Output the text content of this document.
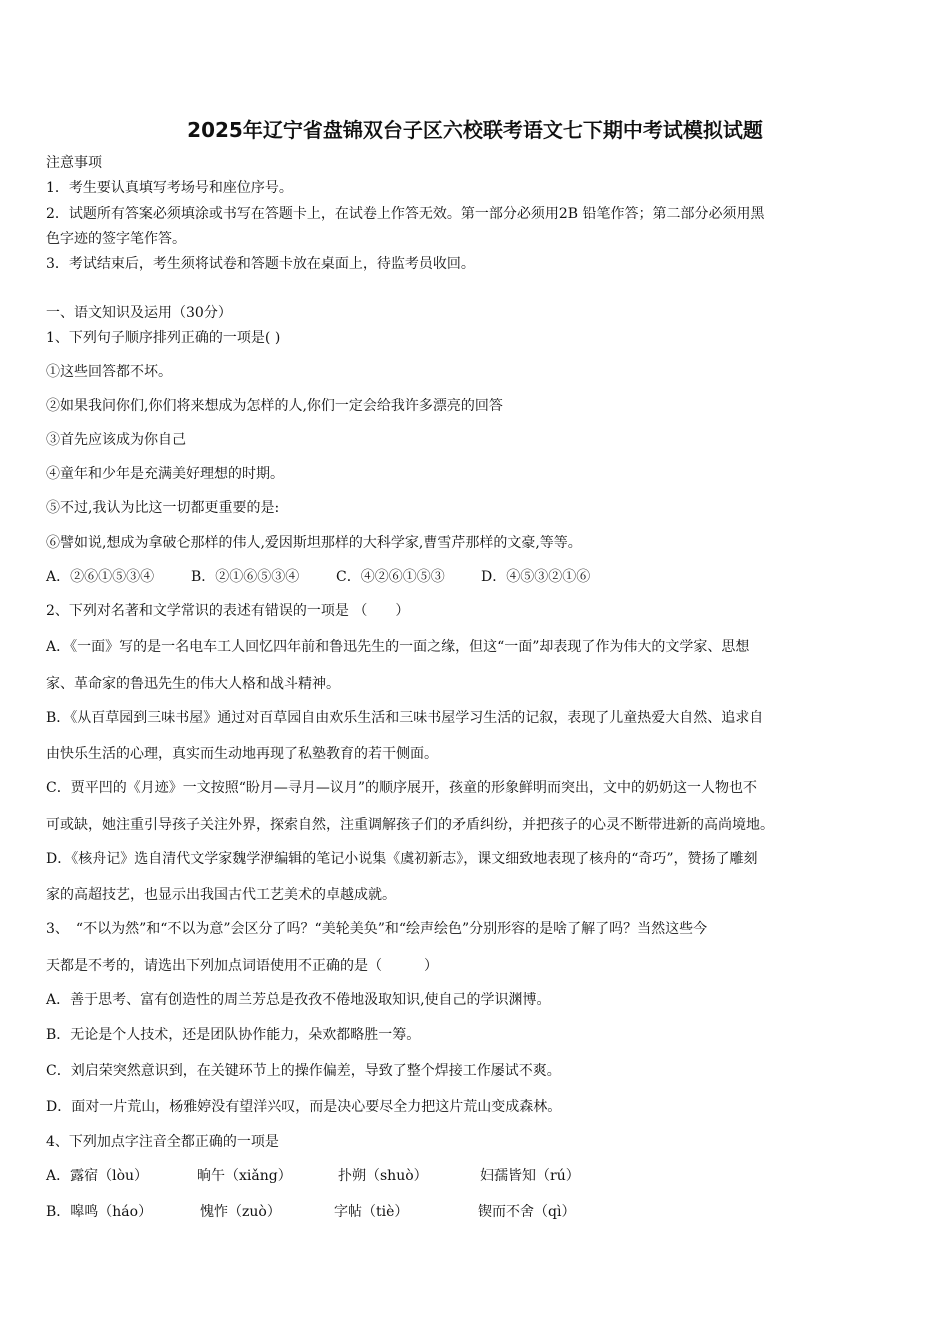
2025年辽宁省盘锦双台子区六校联考语文七下期中考试模拟试题
注意事项
1．考生要认真填写考场号和座位序号。
2．试题所有答案必须填涂或书写在答题卡上，在试卷上作答无效。第一部分必须用2B 铅笔作答；第二部分必须用黑
色字迹的签字笔作答。
3．考试结束后，考生须将试卷和答题卡放在桌面上，待监考员收回。
一、语文知识及运用（30分）
1、下列句子顺序排列正确的一项是( )
①这些回答都不坏。
②如果我问你们,你们将来想成为怎样的人,你们一定会给我许多漂亮的回答
③首先应该成为你自己
④童年和少年是充满美好理想的时期。
⑤不过,我认为比这一切都更重要的是:
⑥譬如说,想成为拿破仑那样的伟人,爱因斯坦那样的大科学家,曹雪芹那样的文豪,等等。
A．②⑥①⑤③④	B．②①⑥⑤③④	C．④②⑥①⑤③	D．④⑤③②①⑥
2、下列对名著和文学常识的表述有错误的一项是 （　　）
A．《一面》写的是一名电车工人回忆四年前和鲁迅先生的一面之缘，但这“一面”却表现了作为伟大的文学家、思想
家、革命家的鲁迅先生的伟大人格和战斗精神。
B．《从百草园到三味书屋》通过对百草园自由欢乐生活和三味书屋学习生活的记叙，表现了儿童热爱大自然、追求自
由快乐生活的心理，真实而生动地再现了私塾教育的若干侧面。
C．贾平凹的《月迹》一文按照“盼月—寻月—议月”的顺序展开，孩童的形象鲜明而突出，文中的奶奶这一人物也不
可或缺，她注重引导孩子关注外界，探索自然，注重调解孩子们的矛盾纠纷，并把孩子的心灵不断带进新的高尚境地。
D．《核舟记》选自清代文学家魏学洢编辑的笔记小说集《虞初新志》，课文细致地表现了核舟的“奇巧”，赞扬了雕刻
家的高超技艺，也显示出我国古代工艺美术的卓越成就。
3、　“不以为然”和“不以为意”会区分了吗？“美轮美奂”和“绘声绘色”分别形容的是啥了解了吗？当然这些今
天都是不考的，请选出下列加点词语使用不正确的是（　　　）
A．善于思考、富有创造性的周兰芳总是孜孜不倦地汲取知识,使自己的学识渊博。
B．无论是个人技术，还是团队协作能力，朵欢都略胜一筹。
C．刘启荣突然意识到，在关键环节上的操作偏差，导致了整个焊接工作屡试不爽。
D．面对一片荒山，杨雅婷没有望洋兴叹，而是决心要尽全力把这片荒山变成森林。
4、下列加点字注音全都正确的一项是
A．露宿（lòu）	晌午（xiǎng）	扑朔（shuò）	妇孺皆知（rú）
B．嗥鸣（háo）	愧怍（zuò）	字帖（tiè）	锲而不舍（qì）
